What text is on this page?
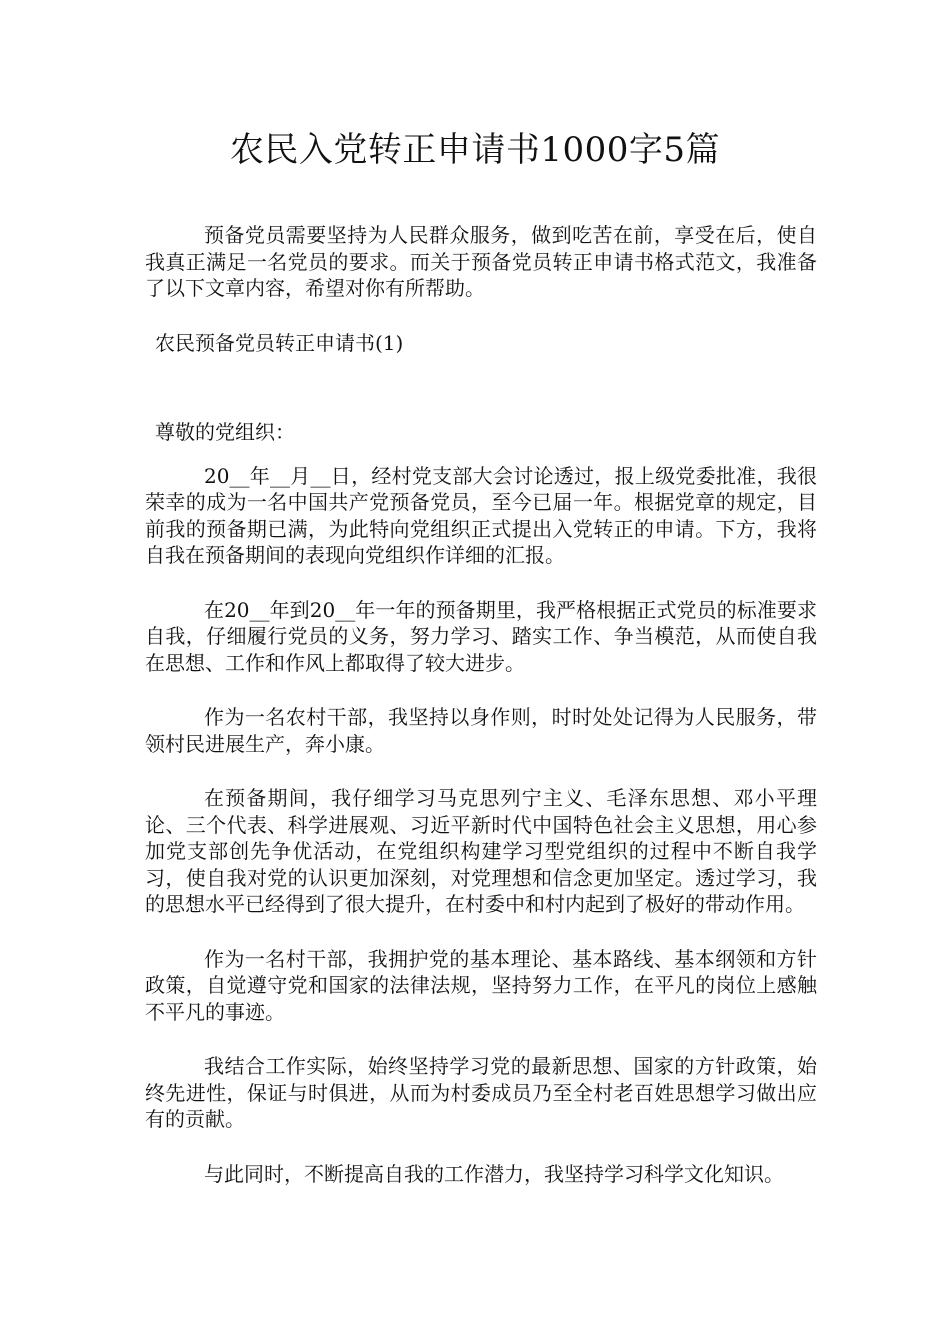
农民入党转正申请书1000字5篇

预备党员需要坚持为人民群众服务，做到吃苦在前，享受在后，使自我真正满足一名党员的要求。而关于预备党员转正申请书格式范文，我准备了以下文章内容，希望对你有所帮助。

农民预备党员转正申请书(1)

尊敬的党组织：

20__年__月__日，经村党支部大会讨论透过，报上级党委批准，我很荣幸的成为一名中国共产党预备党员，至今已届一年。根据党章的规定，目前我的预备期已满，为此特向党组织正式提出入党转正的申请。下方，我将自我在预备期间的表现向党组织作详细的汇报。

在20__年到20__年一年的预备期里，我严格根据正式党员的标准要求自我，仔细履行党员的义务，努力学习、踏实工作、争当模范，从而使自我在思想、工作和作风上都取得了较大进步。

作为一名农村干部，我坚持以身作则，时时处处记得为人民服务，带领村民进展生产，奔小康。

在预备期间，我仔细学习马克思列宁主义、毛泽东思想、邓小平理论、三个代表、科学进展观、习近平新时代中国特色社会主义思想，用心参加党支部创先争优活动，在党组织构建学习型党组织的过程中不断自我学习，使自我对党的认识更加深刻，对党理想和信念更加坚定。透过学习，我的思想水平已经得到了很大提升，在村委中和村内起到了极好的带动作用。

作为一名村干部，我拥护党的基本理论、基本路线、基本纲领和方针政策，自觉遵守党和国家的法律法规，坚持努力工作，在平凡的岗位上感触不平凡的事迹。

我结合工作实际，始终坚持学习党的最新思想、国家的方针政策，始终先进性，保证与时俱进，从而为村委成员乃至全村老百姓思想学习做出应有的贡献。

与此同时，不断提高自我的工作潜力，我坚持学习科学文化知识。
